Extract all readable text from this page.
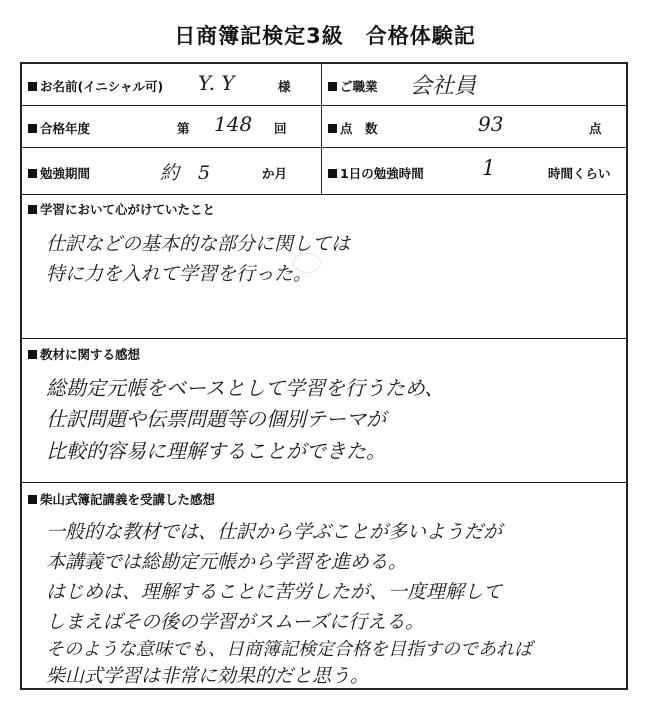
日商簿記検定3級　合格体験記
お名前(イニシャル可) Y. Y	様	ご職業 会社員
合格年度	第 148 回	点　数	93	点
勉強期間	約　5	か月	1日の勉強時間	1	時間くらい
学習において心がけていたこと
仕訳などの基本的な部分に関しては
特に力を入れて学習を行った。
教材に関する感想
総勘定元帳をベースとして学習を行うため、
仕訳問題や伝票問題等の個別テーマが
比較的容易に理解することができた。
柴山式簿記講義を受講した感想
一般的な教材では、仕訳から学ぶことが多いようだが
本講義では総勘定元帳から学習を進める。
はじめは、理解することに苦労したが、一度理解して
しまえばその後の学習がスムーズに行える。
そのような意味でも、日商簿記検定合格を目指すのであれば
柴山式学習は非常に効果的だと思う。
